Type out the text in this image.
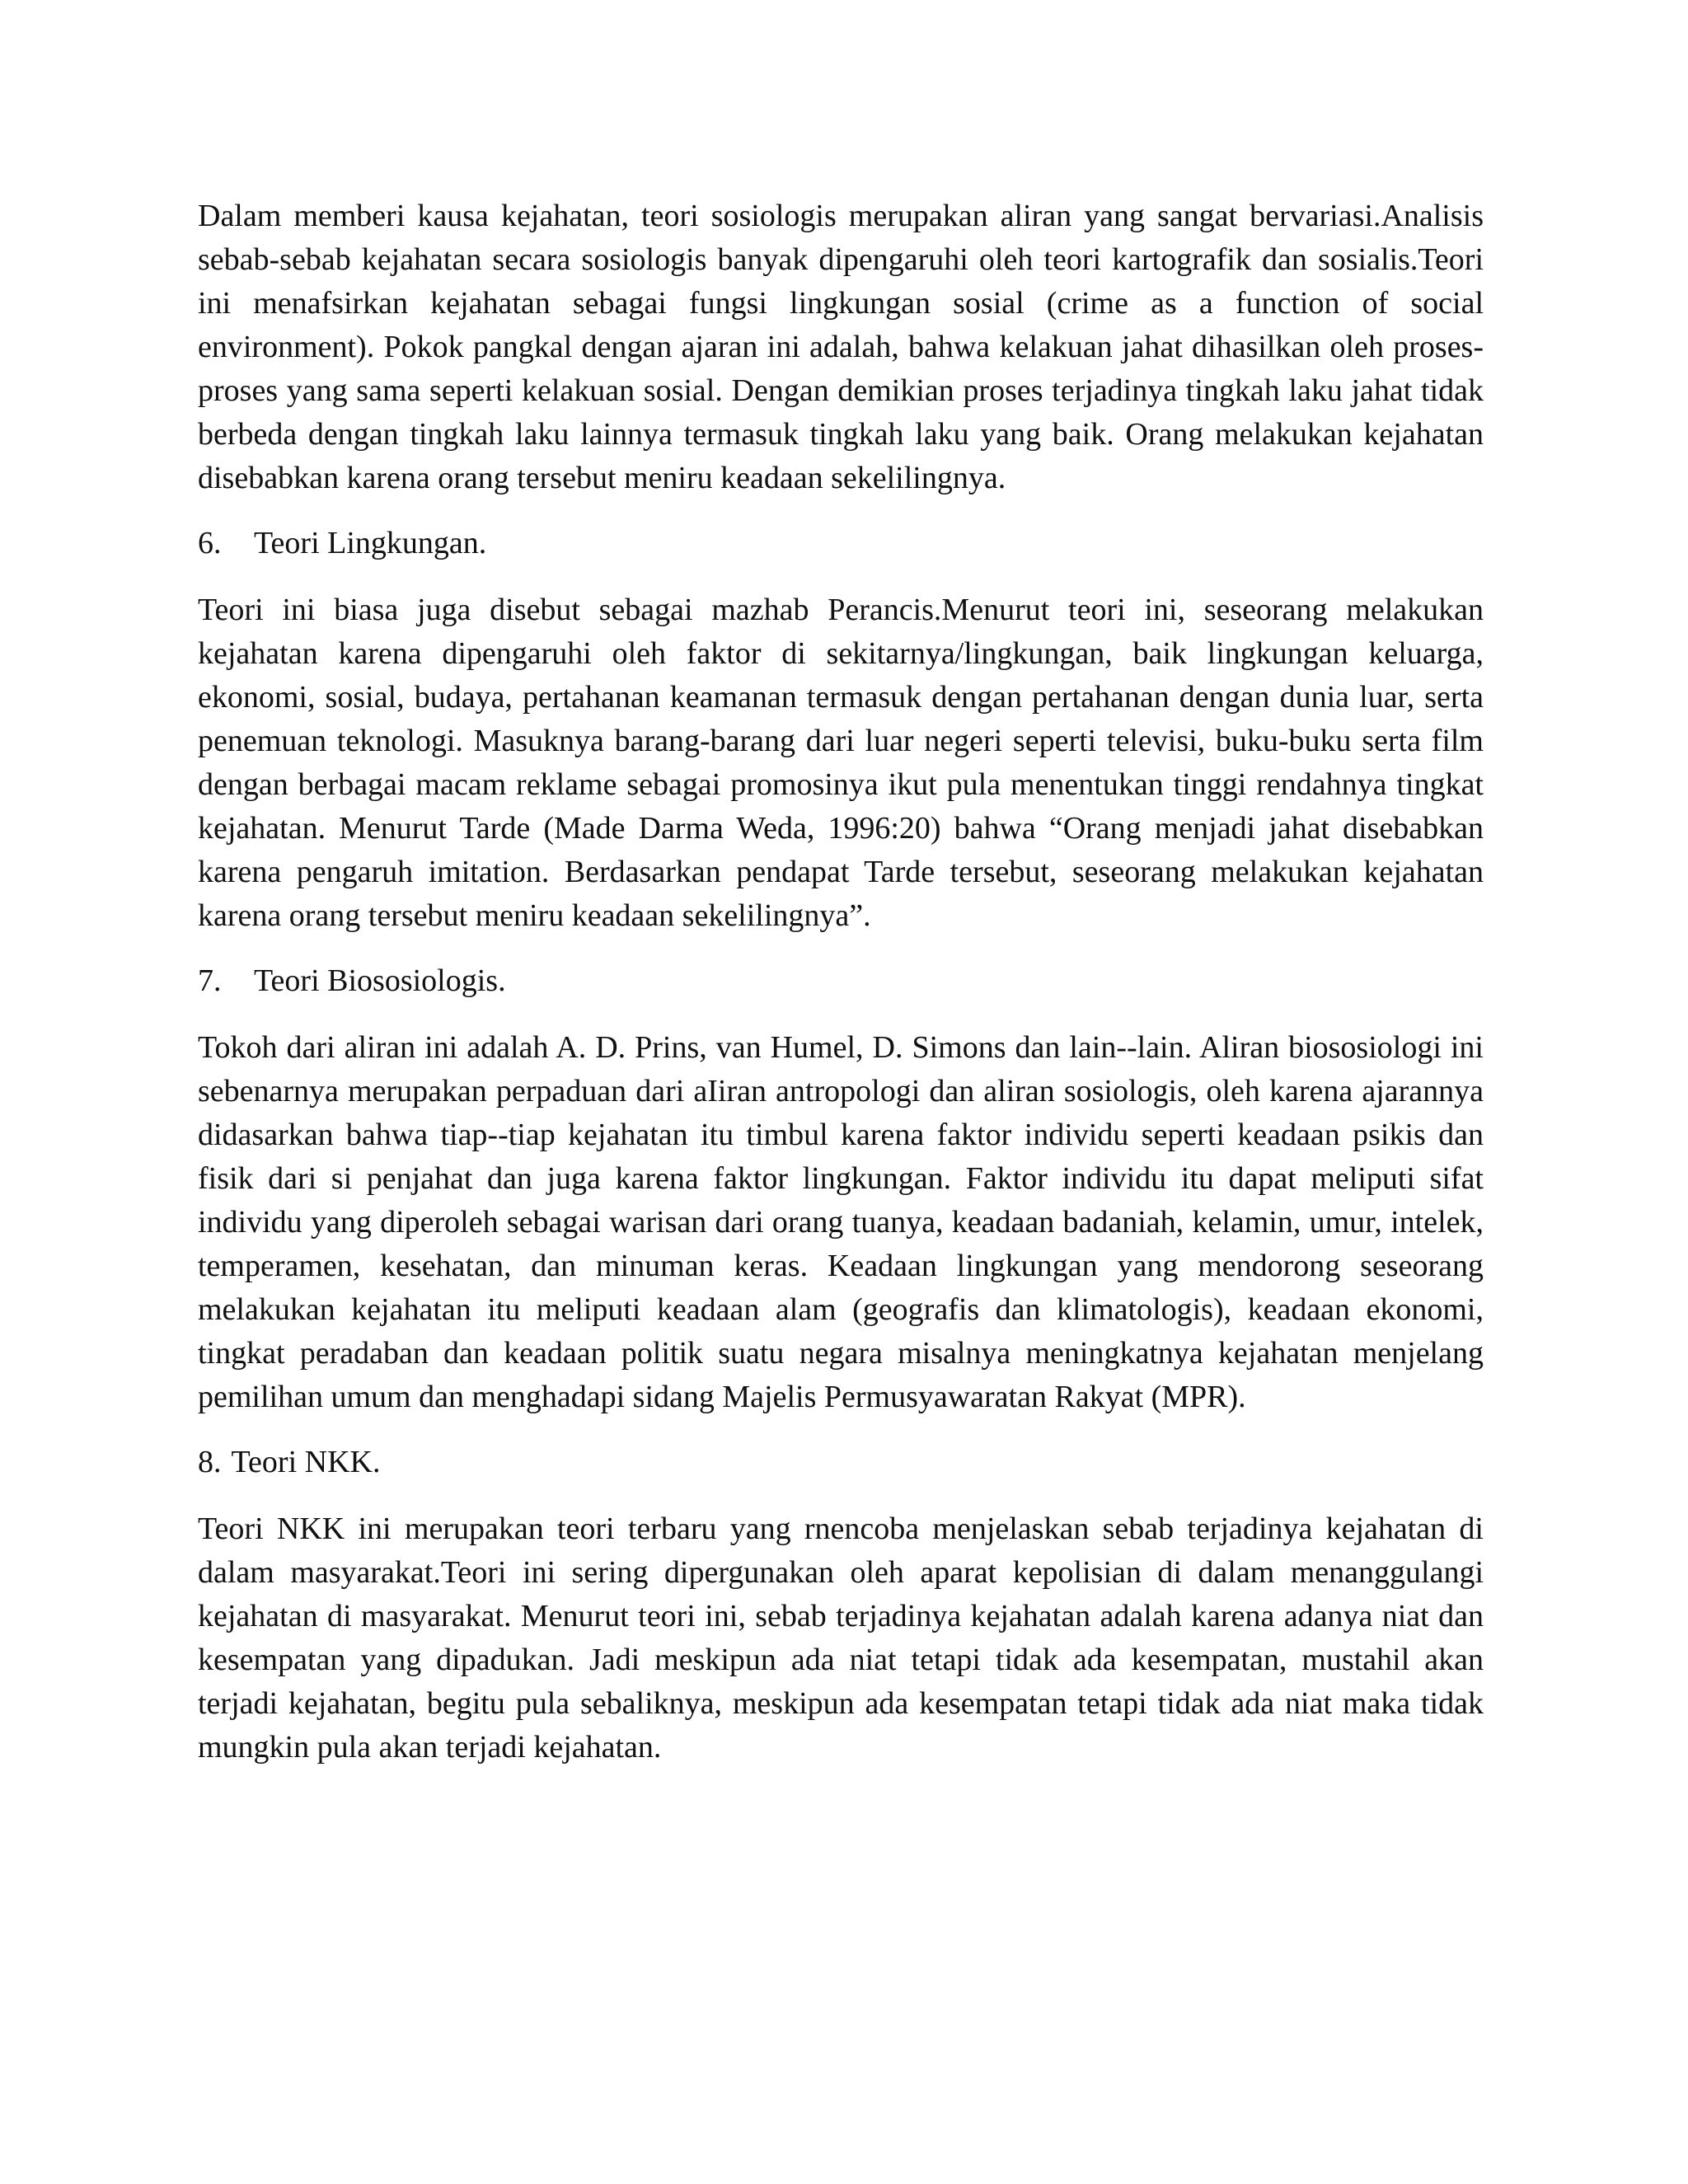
Dalam memberi kausa kejahatan, teori sosiologis merupakan aliran yang sangat bervariasi.Analisis sebab-sebab kejahatan secara sosiologis banyak dipengaruhi oleh teori kartografik dan sosialis.Teori ini menafsirkan kejahatan sebagai fungsi lingkungan sosial (crime as a function of social environment). Pokok pangkal dengan ajaran ini adalah, bahwa kelakuan jahat dihasilkan oleh proses-proses yang sama seperti kelakuan sosial. Dengan demikian proses terjadinya tingkah laku jahat tidak berbeda dengan tingkah laku lainnya termasuk tingkah laku yang baik. Orang melakukan kejahatan disebabkan karena orang tersebut meniru keadaan sekelilingnya.

6. Teori Lingkungan.

Teori ini biasa juga disebut sebagai mazhab Perancis.Menurut teori ini, seseorang melakukan kejahatan karena dipengaruhi oleh faktor di sekitarnya/lingkungan, baik lingkungan keluarga, ekonomi, sosial, budaya, pertahanan keamanan termasuk dengan pertahanan dengan dunia luar, serta penemuan teknologi. Masuknya barang-barang dari luar negeri seperti televisi, buku-buku serta film dengan berbagai macam reklame sebagai promosinya ikut pula menentukan tinggi rendahnya tingkat kejahatan. Menurut Tarde (Made Darma Weda, 1996:20) bahwa “Orang menjadi jahat disebabkan karena pengaruh imitation. Berdasarkan pendapat Tarde tersebut, seseorang melakukan kejahatan karena orang tersebut meniru keadaan sekelilingnya”.

7. Teori Biososiologis.

Tokoh dari aliran ini adalah A. D. Prins, van Humel, D. Simons dan lain--lain. Aliran biososiologi ini sebenarnya merupakan perpaduan dari aIiran antropologi dan aliran sosiologis, oleh karena ajarannya didasarkan bahwa tiap--tiap kejahatan itu timbul karena faktor individu seperti keadaan psikis dan fisik dari si penjahat dan juga karena faktor lingkungan. Faktor individu itu dapat meliputi sifat individu yang diperoleh sebagai warisan dari orang tuanya, keadaan badaniah, kelamin, umur, intelek, temperamen, kesehatan, dan minuman keras. Keadaan lingkungan yang mendorong seseorang melakukan kejahatan itu meliputi keadaan alam (geografis dan klimatologis), keadaan ekonomi, tingkat peradaban dan keadaan politik suatu negara misalnya meningkatnya kejahatan menjelang pemilihan umum dan menghadapi sidang Majelis Permusyawaratan Rakyat (MPR).

8. Teori NKK.

Teori NKK ini merupakan teori terbaru yang rnencoba menjelaskan sebab terjadinya kejahatan di dalam masyarakat.Teori ini sering dipergunakan oleh aparat kepolisian di dalam menanggulangi kejahatan di masyarakat. Menurut teori ini, sebab terjadinya kejahatan adalah karena adanya niat dan kesempatan yang dipadukan. Jadi meskipun ada niat tetapi tidak ada kesempatan, mustahil akan terjadi kejahatan, begitu pula sebaliknya, meskipun ada kesempatan tetapi tidak ada niat maka tidak mungkin pula akan terjadi kejahatan.
